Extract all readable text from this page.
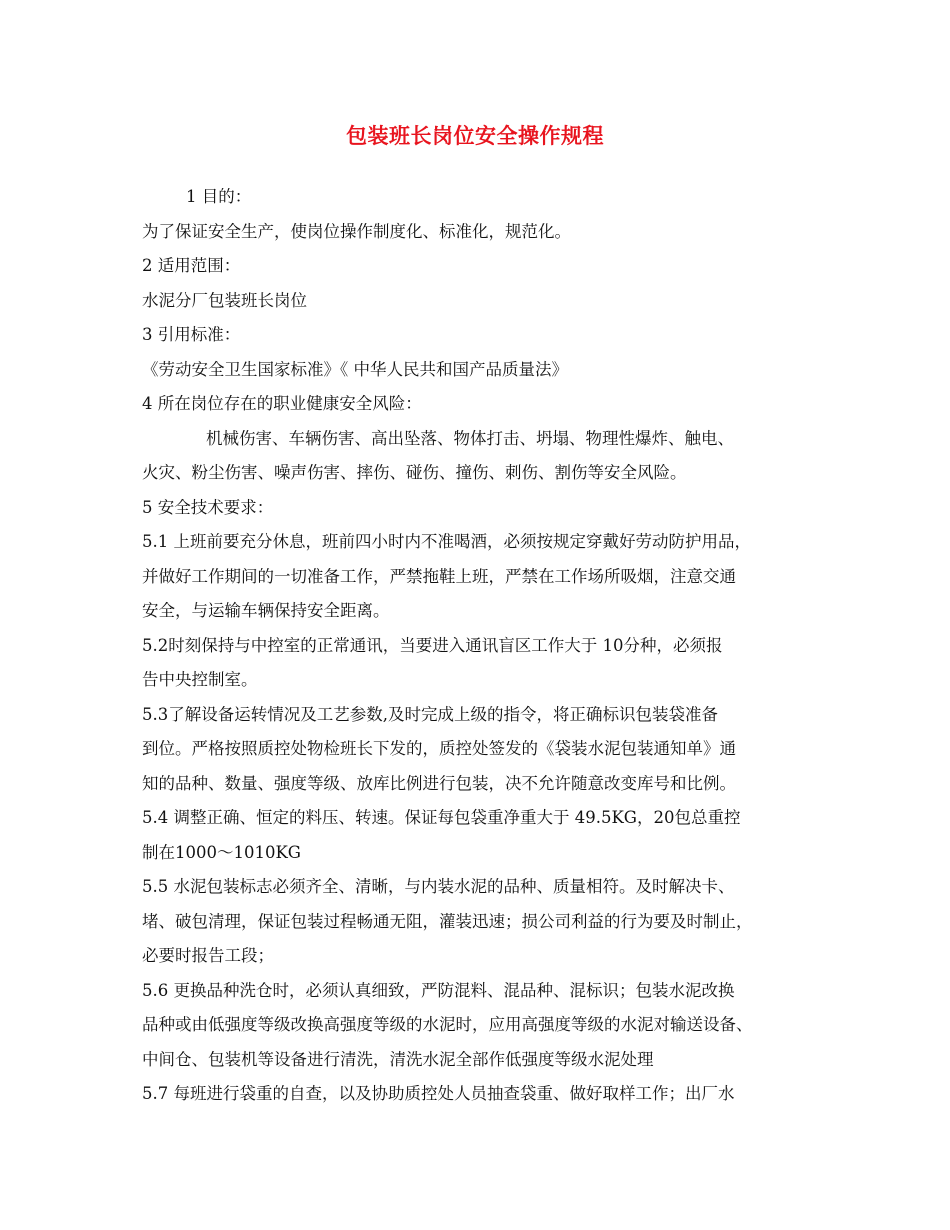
包装班长岗位安全操作规程
1 目的：
为了保证安全生产，使岗位操作制度化、标准化，规范化。
2 适用范围：
水泥分厂包装班长岗位
3 引用标准：
《劳动安全卫生国家标准》《 中华人民共和国产品质量法》
4 所在岗位存在的职业健康安全风险：
机械伤害、车辆伤害、高出坠落、物体打击、坍塌、物理性爆炸、触电、
火灾、粉尘伤害、噪声伤害、摔伤、碰伤、撞伤、刺伤、割伤等安全风险。
5 安全技术要求：
5.1 上班前要充分休息，班前四小时内不准喝酒，必须按规定穿戴好劳动防护用品，
并做好工作期间的一切准备工作，严禁拖鞋上班，严禁在工作场所吸烟，注意交通
安全，与运输车辆保持安全距离。
5.2时刻保持与中控室的正常通讯，当要进入通讯盲区工作大于 10分种，必须报
告中央控制室。
5.3了解设备运转情况及工艺参数,及时完成上级的指令，将正确标识包装袋准备
到位。严格按照质控处物检班长下发的，质控处签发的《袋装水泥包装通知单》通
知的品种、数量、强度等级、放库比例进行包装，决不允许随意改变库号和比例。
5.4 调整正确、恒定的料压、转速。保证每包袋重净重大于 49.5KG，20包总重控
制在1000～1010KG
5.5 水泥包装标志必须齐全、清晰，与内装水泥的品种、质量相符。及时解决卡、
堵、破包清理，保证包装过程畅通无阻，灌装迅速；损公司利益的行为要及时制止，
必要时报告工段；
5.6 更换品种洗仓时，必须认真细致，严防混料、混品种、混标识；包装水泥改换
品种或由低强度等级改换高强度等级的水泥时，应用高强度等级的水泥对输送设备、
中间仓、包装机等设备进行清洗，清洗水泥全部作低强度等级水泥处理
5.7 每班进行袋重的自查，以及协助质控处人员抽查袋重、做好取样工作；出厂水
